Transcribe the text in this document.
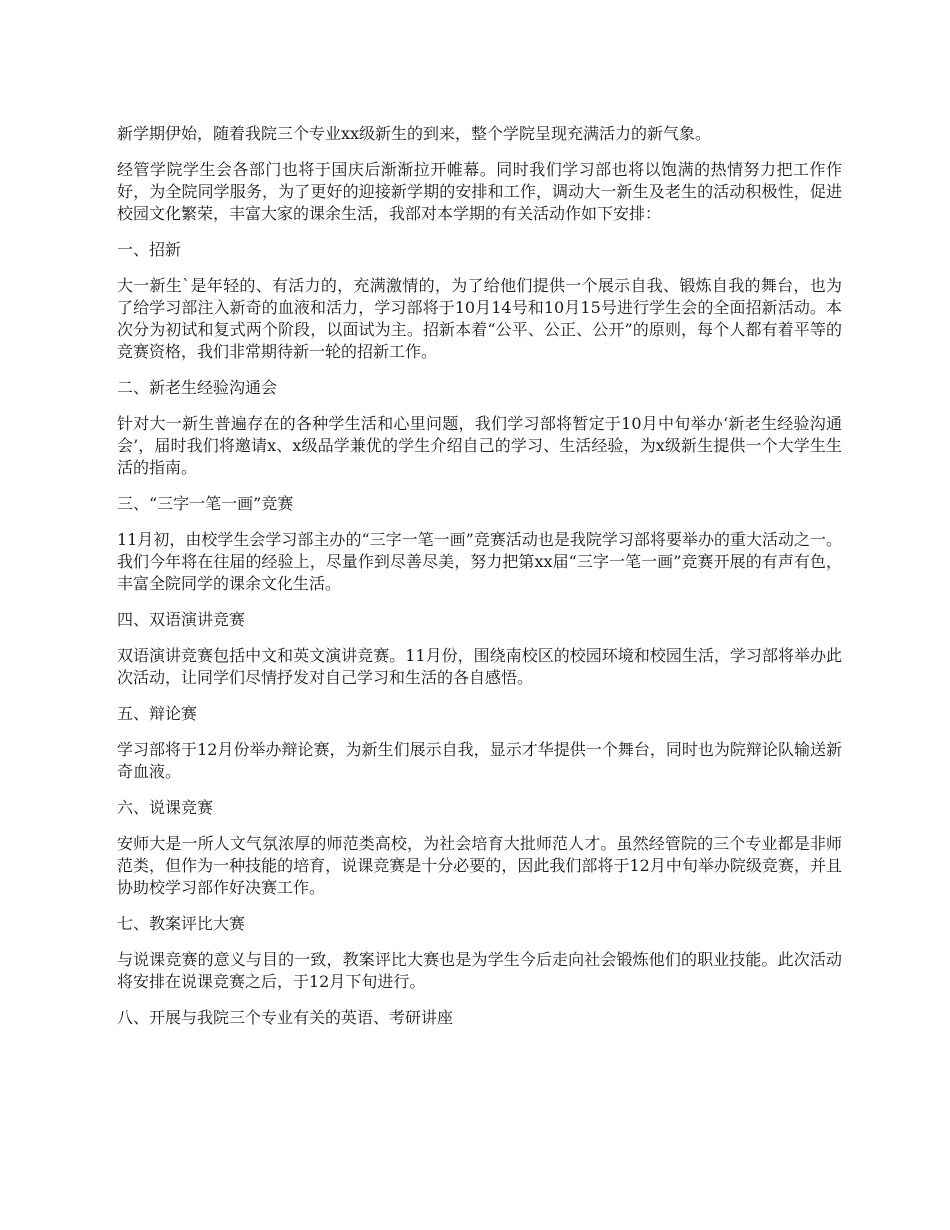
新学期伊始，随着我院三个专业xx级新生的到来，整个学院呈现充满活力的新气象。

经管学院学生会各部门也将于国庆后渐渐拉开帷幕。同时我们学习部也将以饱满的热情努力把工作作好，为全院同学服务，为了更好的迎接新学期的安排和工作，调动大一新生及老生的活动积极性，促进校园文化繁荣，丰富大家的课余生活，我部对本学期的有关活动作如下安排：

一、招新

大一新生`是年轻的、有活力的，充满激情的，为了给他们提供一个展示自我、锻炼自我的舞台，也为了给学习部注入新奇的血液和活力，学习部将于10月14号和10月15号进行学生会的全面招新活动。本次分为初试和复式两个阶段，以面试为主。招新本着“公平、公正、公开”的原则，每个人都有着平等的竞赛资格，我们非常期待新一轮的招新工作。

二、新老生经验沟通会

针对大一新生普遍存在的各种学生活和心里问题，我们学习部将暂定于10月中旬举办‘新老生经验沟通会’，届时我们将邀请x、x级品学兼优的学生介绍自己的学习、生活经验，为x级新生提供一个大学生生活的指南。

三、“三字一笔一画”竞赛

11月初，由校学生会学习部主办的“三字一笔一画”竞赛活动也是我院学习部将要举办的重大活动之一。我们今年将在往届的经验上，尽量作到尽善尽美，努力把第xx届“三字一笔一画”竞赛开展的有声有色，丰富全院同学的课余文化生活。

四、双语演讲竞赛

双语演讲竞赛包括中文和英文演讲竞赛。11月份，围绕南校区的校园环境和校园生活，学习部将举办此次活动，让同学们尽情抒发对自己学习和生活的各自感悟。

五、辩论赛

学习部将于12月份举办辩论赛，为新生们展示自我，显示才华提供一个舞台，同时也为院辩论队输送新奇血液。

六、说课竞赛

安师大是一所人文气氛浓厚的师范类高校，为社会培育大批师范人才。虽然经管院的三个专业都是非师范类，但作为一种技能的培育，说课竞赛是十分必要的，因此我们部将于12月中旬举办院级竞赛，并且协助校学习部作好决赛工作。

七、教案评比大赛

与说课竞赛的意义与目的一致，教案评比大赛也是为学生今后走向社会锻炼他们的职业技能。此次活动将安排在说课竞赛之后，于12月下旬进行。

八、开展与我院三个专业有关的英语、考研讲座
